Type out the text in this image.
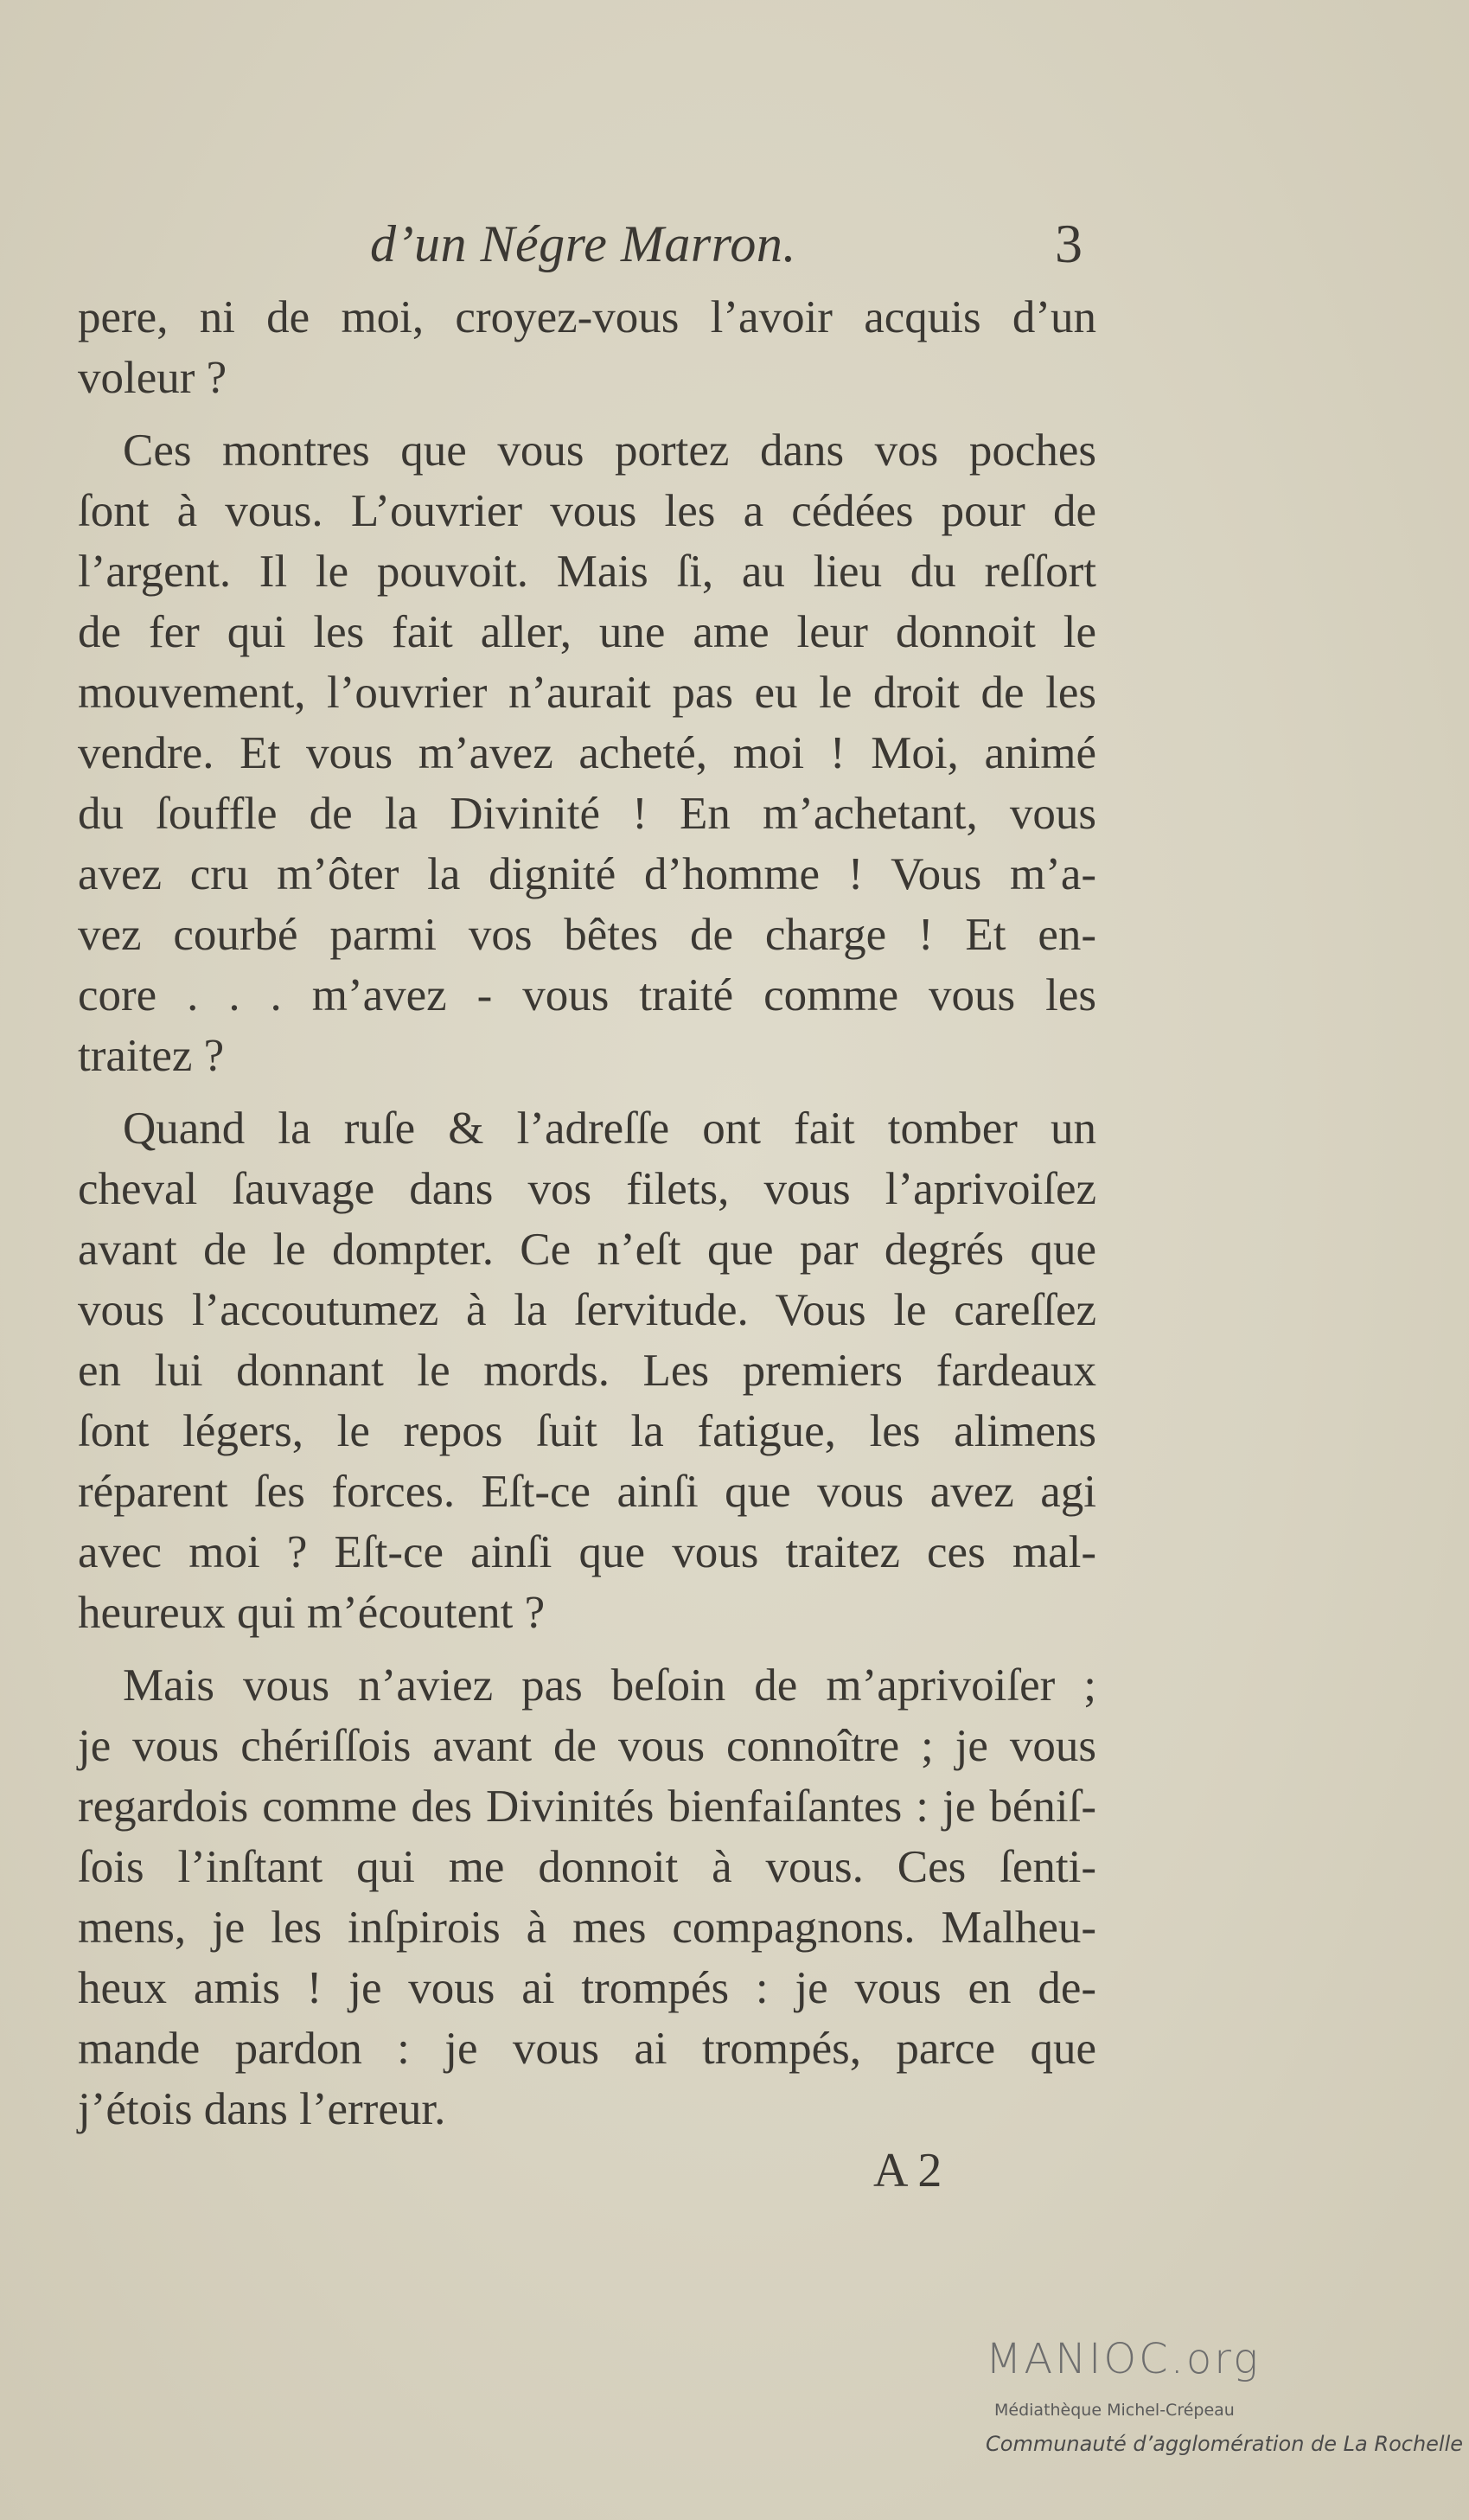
d’un Négre Marron.	3
pere, ni de moi, croyez-vous l’avoir acquis d’un
voleur ?
Ces montres que vous portez dans vos poches
ſont à vous. L’ouvrier vous les a cédées pour de
l’argent. Il le pouvoit. Mais ſi, au lieu du reſſort
de fer qui les fait aller, une ame leur donnoit le
mouvement, l’ouvrier n’aurait pas eu le droit de les
vendre. Et vous m’avez acheté, moi ! Moi, animé
du ſouffle de la Divinité ! En m’achetant, vous
avez cru m’ôter la dignité d’homme ! Vous m’a-
vez courbé parmi vos bêtes de charge ! Et en-
core . . . m’avez - vous traité comme vous les
traitez ?
Quand la ruſe & l’adreſſe ont fait tomber un
cheval ſauvage dans vos filets, vous l’aprivoiſez
avant de le dompter. Ce n’eſt que par degrés que
vous l’accoutumez à la ſervitude. Vous le careſſez
en lui donnant le mords. Les premiers fardeaux
ſont légers, le repos ſuit la fatigue, les alimens
réparent ſes forces. Eſt-ce ainſi que vous avez agi
avec moi ? Eſt-ce ainſi que vous traitez ces mal-
heureux qui m’écoutent ?
Mais vous n’aviez pas beſoin de m’aprivoiſer ;
je vous chériſſois avant de vous connoître ; je vous
regardois comme des Divinités bienfaiſantes : je béniſ-
ſois l’inſtant qui me donnoit à vous. Ces ſenti-
mens, je les inſpirois à mes compagnons. Malheu-
heux amis ! je vous ai trompés : je vous en de-
mande pardon : je vous ai trompés, parce que
j’étois dans l’erreur.
A 2
MANIOC.org
Médiathèque Michel-Crépeau
Communauté d’agglomération de La Rochelle
